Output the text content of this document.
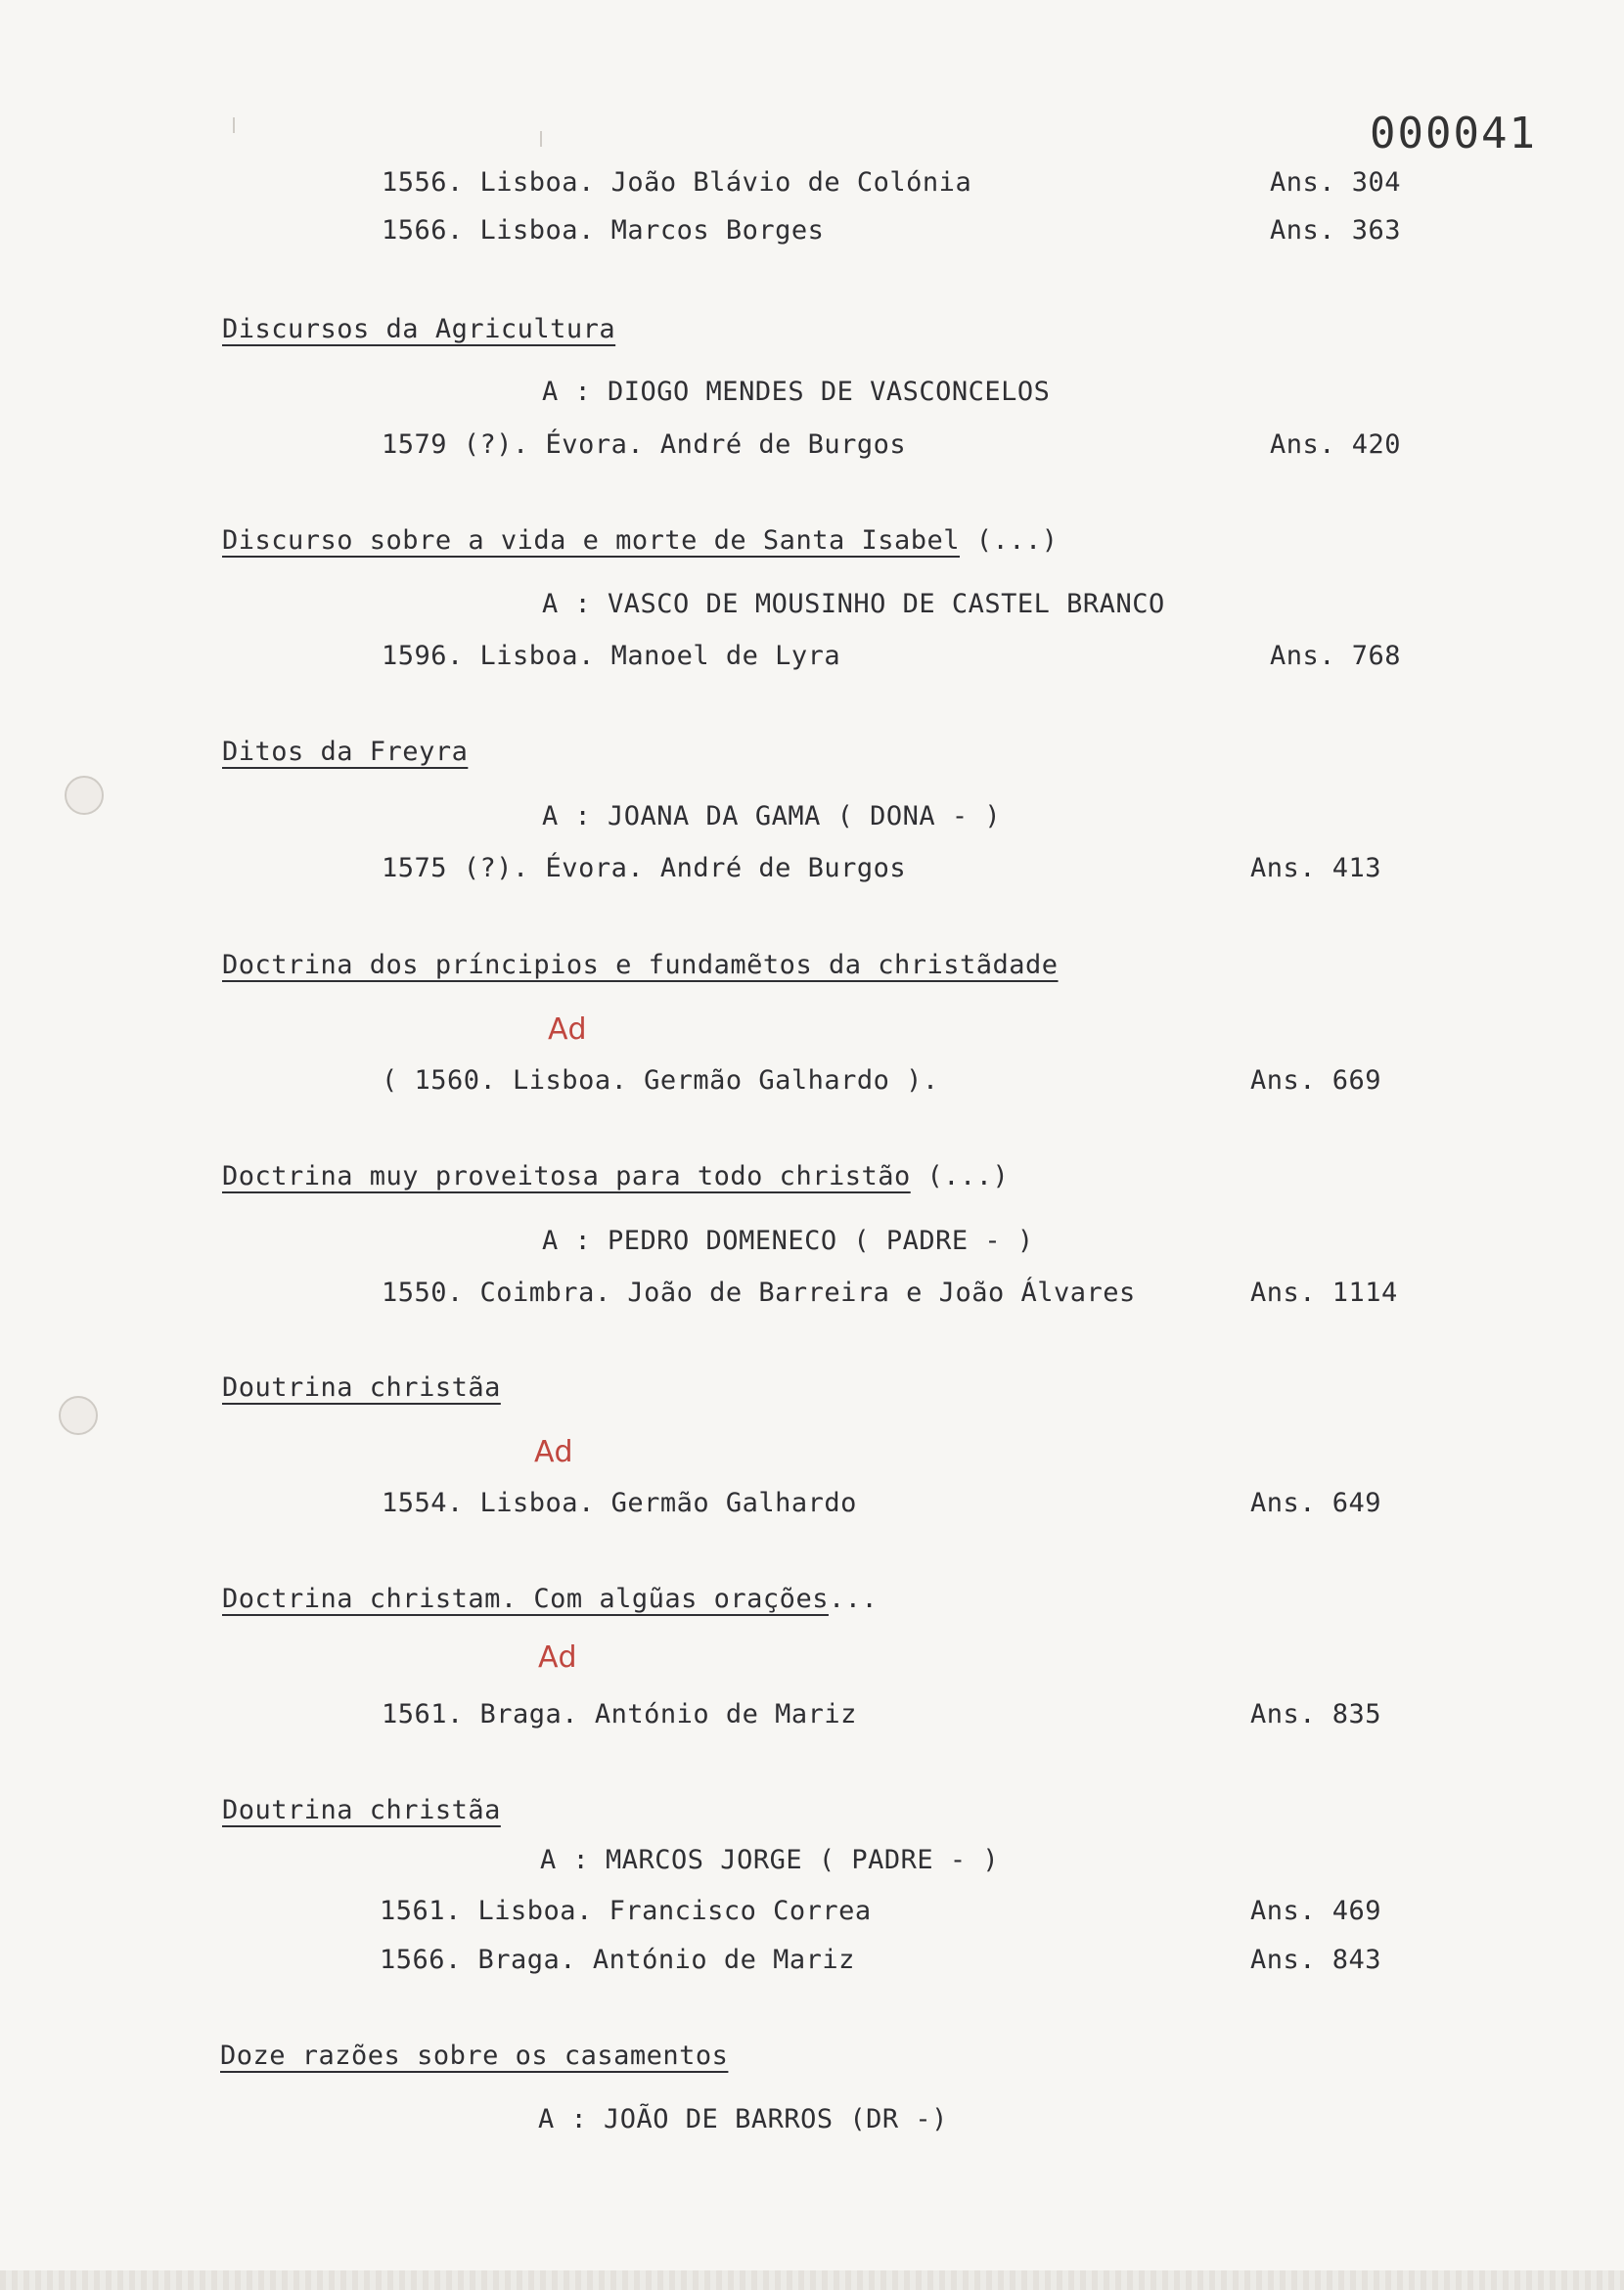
000041
1556. Lisboa. João Blávio de Colónia	Ans. 304
1566. Lisboa. Marcos Borges	Ans. 363
Discursos da Agricultura
A : DIOGO MENDES DE VASCONCELOS
1579 (?). Évora. André de Burgos	Ans. 420
Discurso sobre a vida e morte de Santa Isabel (...)
A : VASCO DE MOUSINHO DE CASTEL BRANCO
1596. Lisboa. Manoel de Lyra	Ans. 768
Ditos da Freyra
A : JOANA DA GAMA ( DONA - )
1575 (?). Évora. André de Burgos	Ans. 413
Doctrina dos príncipios e fundamẽtos da christãdade
Ad
( 1560. Lisboa. Germão Galhardo ).	Ans. 669
Doctrina muy proveitosa para todo christão (...)
A : PEDRO DOMENECO ( PADRE - )
1550. Coimbra. João de Barreira e João Álvares	Ans. 1114
Doutrina christãa
Ad
1554. Lisboa. Germão Galhardo	Ans. 649
Doctrina christam. Com algũas orações...
Ad
1561. Braga. António de Mariz	Ans. 835
Doutrina christãa
A : MARCOS JORGE ( PADRE - )
1561. Lisboa. Francisco Correa	Ans. 469
1566. Braga. António de Mariz	Ans. 843
Doze razões sobre os casamentos
A : JOÃO DE BARROS (DR -)
